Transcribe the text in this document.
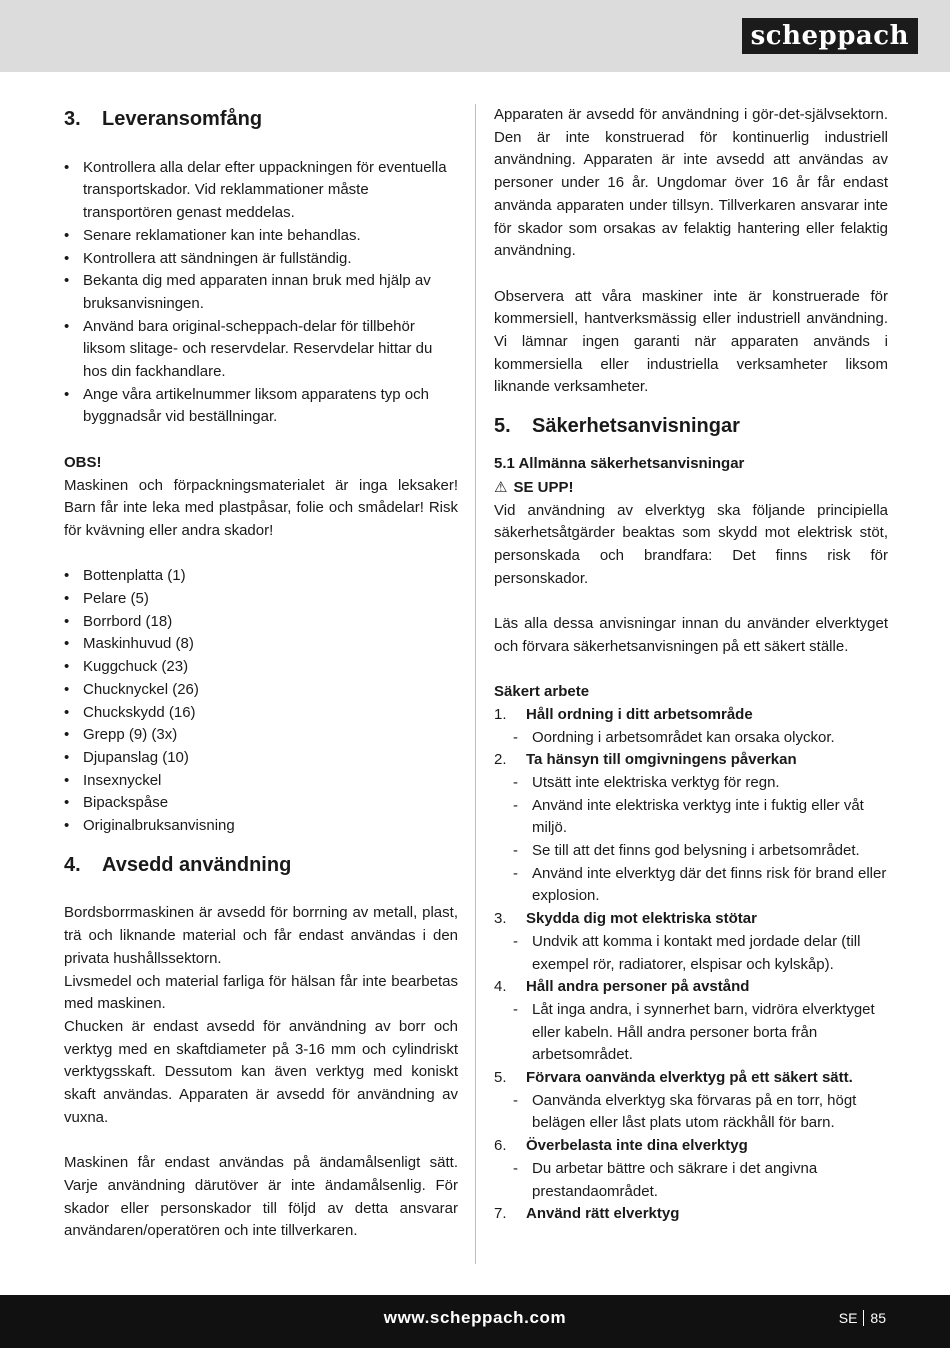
scheppach
3. Leveransomfång
• Kontrollera alla delar efter uppackningen för eventuella transportskador. Vid reklammationer måste transportören genast meddelas.
• Senare reklamationer kan inte behandlas.
• Kontrollera att sändningen är fullständig.
• Bekanta dig med apparaten innan bruk med hjälp av bruksanvisningen.
• Använd bara original-scheppach-delar för tillbehör liksom slitage- och reservdelar. Reservdelar hittar du hos din fackhandlare.
• Ange våra artikelnummer liksom apparatens typ och byggnadsår vid beställningar.
OBS!

Maskinen och förpackningsmaterialet är inga leksaker! Barn får inte leka med plastpåsar, folie och smådelar! Risk för kvävning eller andra skador!

• Bottenplatta (1)
• Pelare (5)
• Borrbord (18)
• Maskinhuvud (8)
• Kuggchuck (23)
• Chucknyckel (26)
• Chuckskydd (16)
• Grepp (9) (3x)
• Djupanslag (10)
• Insexnyckel
• Bipackspåse
• Originalbruksanvisning
4. Avsedd användning

Bordsborrmaskinen är avsedd för borrning av metall, plast, trä och liknande material och får endast användas i den privata hushållssektorn.

Livsmedel och material farliga för hälsan får inte bearbetas med maskinen.

Chucken är endast avsedd för användning av borr och verktyg med en skaftdiameter på 3-16 mm och cylindriskt verktygsskaft. Dessutom kan även verktyg med koniskt skaft användas. Apparaten är avsedd för användning av vuxna.

Maskinen får endast användas på ändamålsenligt sätt. Varje användning därutöver är inte ändamålsenlig. För skador eller personskador till följd av detta ansvarar användaren/operatören och inte tillverkaren.

Apparaten är avsedd för användning i gör-det-självsektorn. Den är inte konstruerad för kontinuerlig industriell användning. Apparaten är inte avsedd att användas av personer under 16 år. Ungdomar över 16 år får endast använda apparaten under tillsyn. Tillverkaren ansvarar inte för skador som orsakas av felaktig hantering eller felaktig användning.

Observera att våra maskiner inte är konstruerade för kommersiell, hantverksmässig eller industriell användning. Vi lämnar ingen garanti när apparaten används i kommersiella eller industriella verksamheter liksom liknande verksamheter.

5. Säkerhetsanvisningar
5.1 Allmänna säkerhetsanvisningar
⚠ SE UPP!

Vid användning av elverktyg ska följande principiella säkerhetsåtgärder beaktas som skydd mot elektrisk stöt, personskada och brandfara: Det finns risk för personskador.

Läs alla dessa anvisningar innan du använder elverktyget och förvara säkerhetsanvisningen på ett säkert ställe.

Säkert arbete
1. Håll ordning i ditt arbetsområde
- Oordning i arbetsområdet kan orsaka olyckor.
2. Ta hänsyn till omgivningens påverkan
- Utsätt inte elektriska verktyg för regn.
- Använd inte elektriska verktyg inte i fuktig eller våt miljö.
- Se till att det finns god belysning i arbetsområdet.
- Använd inte elverktyg där det finns risk för brand eller explosion.
3. Skydda dig mot elektriska stötar
- Undvik att komma i kontakt med jordade delar (till exempel rör, radiatorer, elspisar och kylskåp).
4. Håll andra personer på avstånd
- Låt inga andra, i synnerhet barn, vidröra elverktyget eller kabeln. Håll andra personer borta från arbetsområdet.
5. Förvara oanvända elverktyg på ett säkert sätt.
- Oanvända elverktyg ska förvaras på en torr, högt belägen eller låst plats utom räckhåll för barn.
6. Överbelasta inte dina elverktyg
- Du arbetar bättre och säkrare i det angivna prestandaområdet.
7. Använd rätt elverktyg
www.scheppach.com	SE 85
